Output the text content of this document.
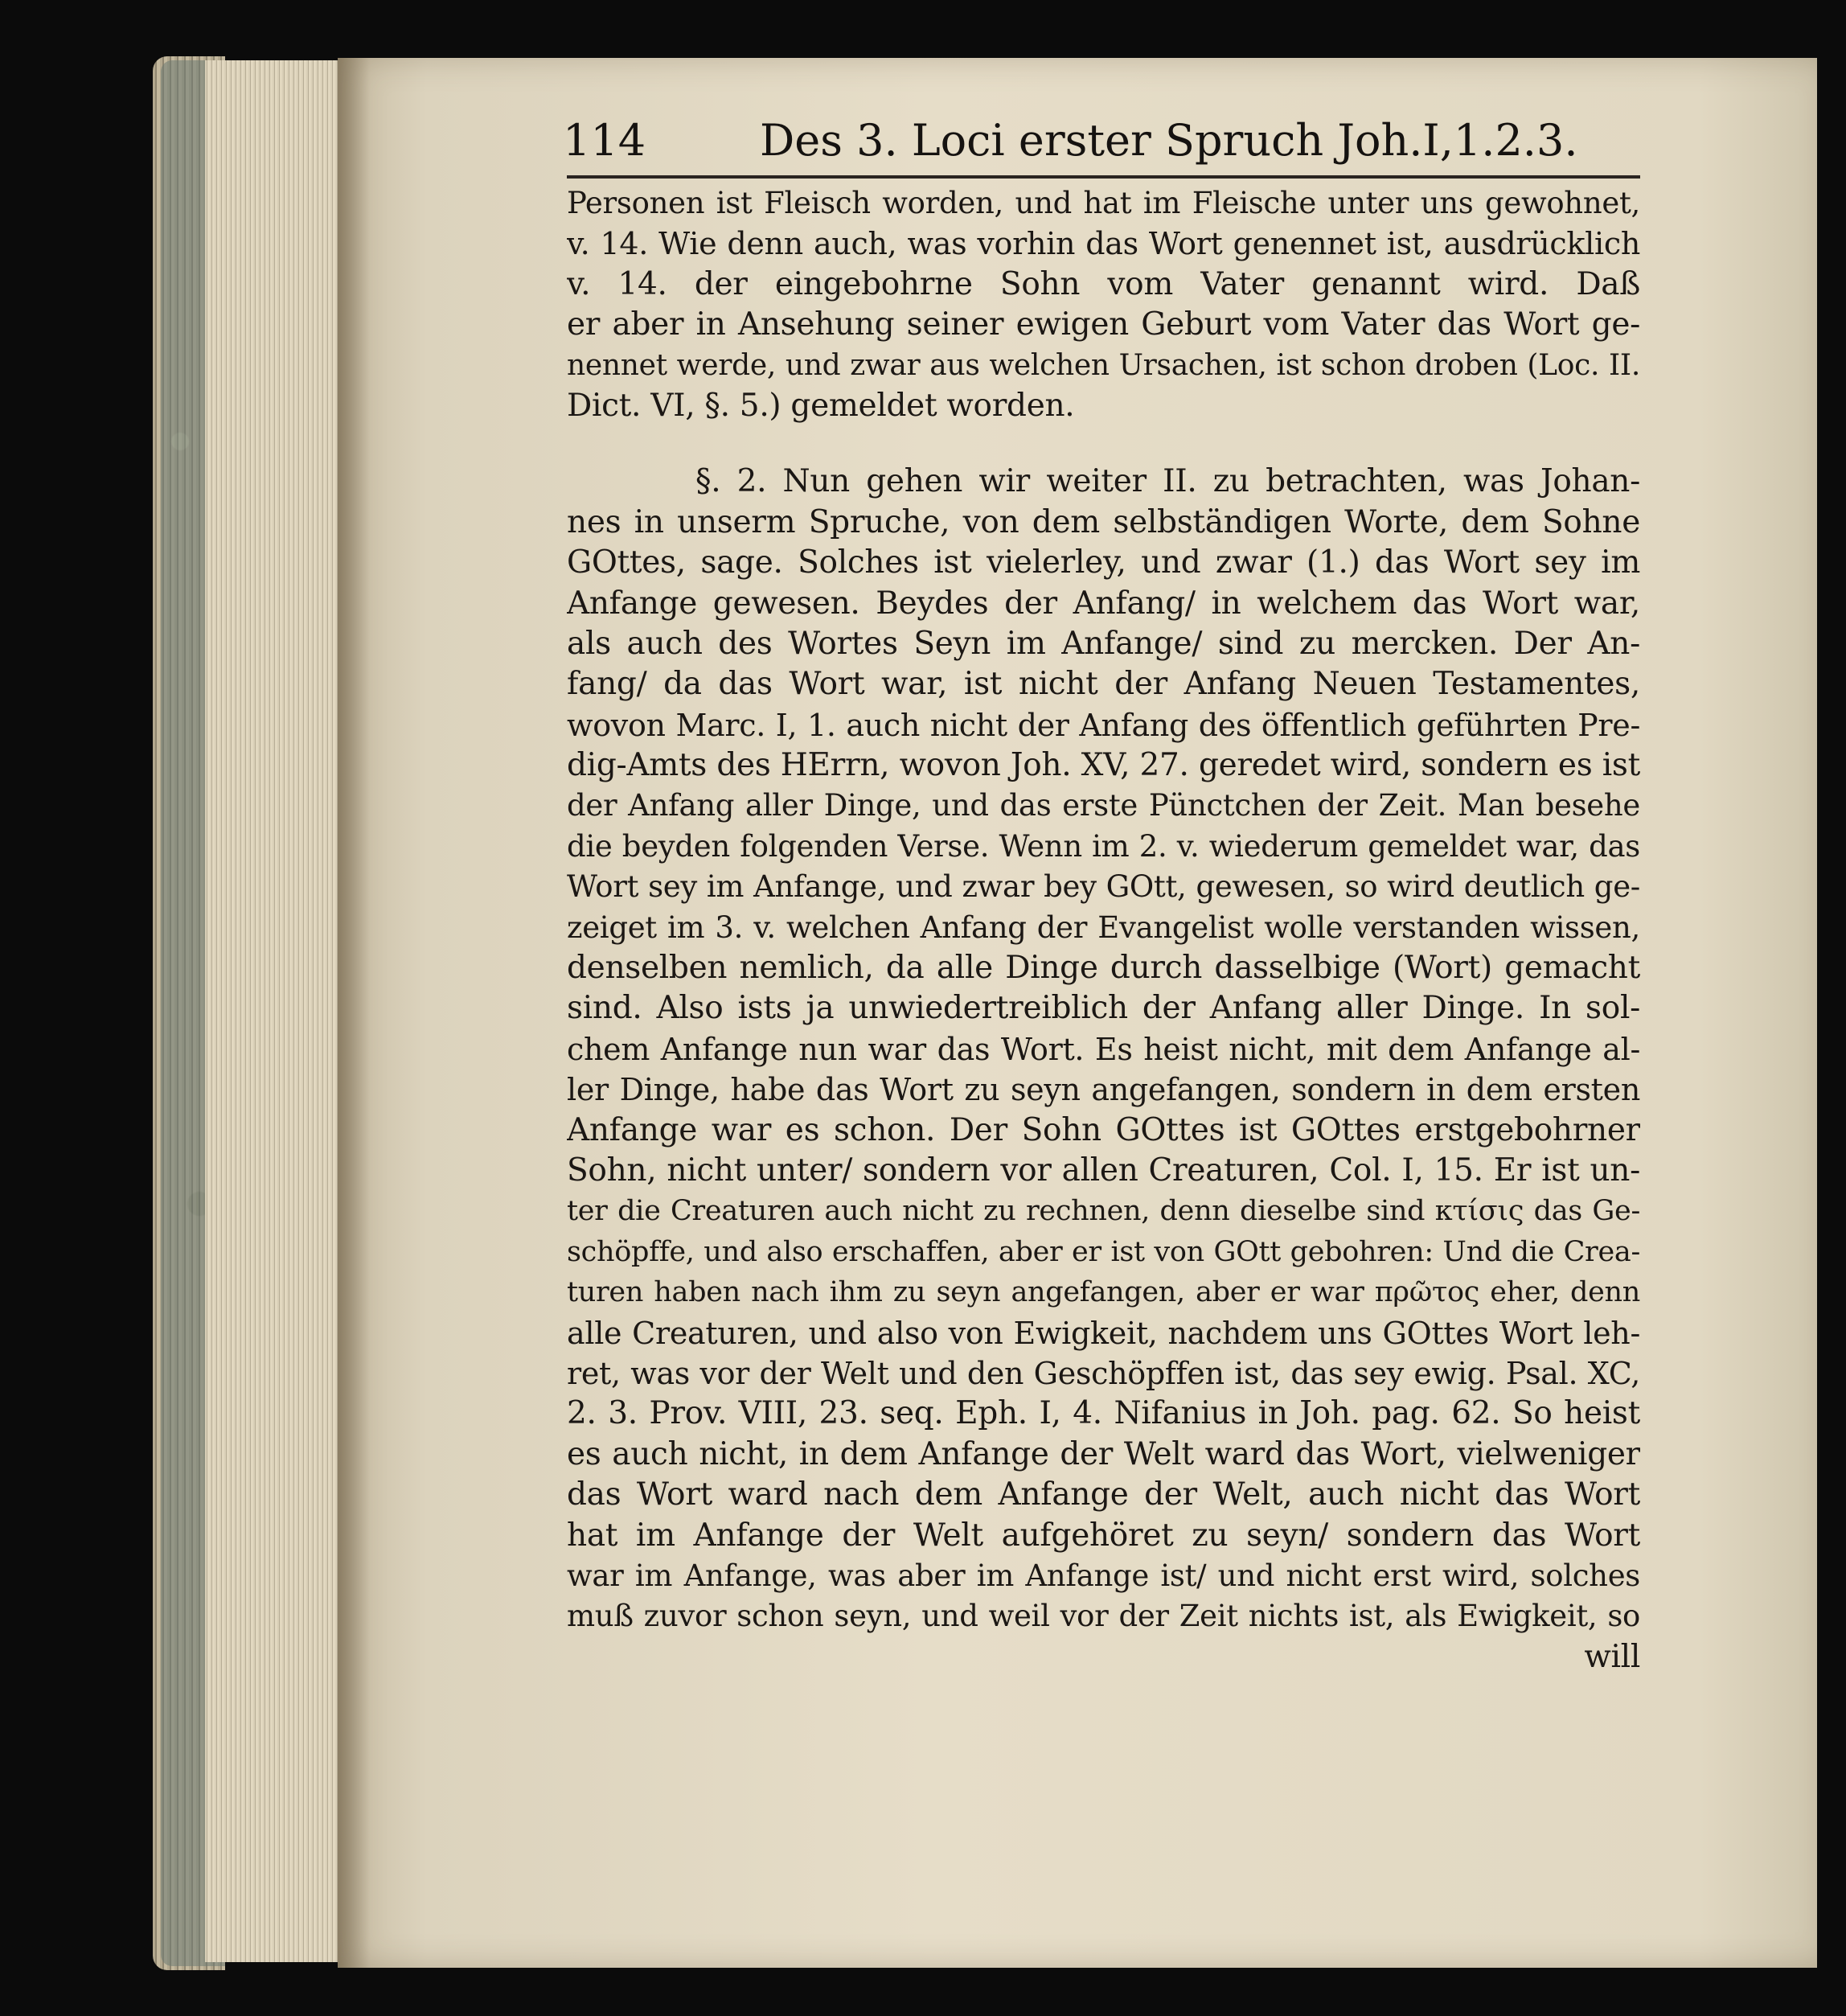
114	Des 3. Loci erster Spruch Joh.I,1.2.3.
Personen ist Fleisch worden, und hat im Fleische unter uns gewohnet,
v. 14. Wie denn auch, was vorhin das Wort genennet ist, ausdrücklich
v. 14. der eingebohrne Sohn vom Vater genannt wird. Daß
er aber in Ansehung seiner ewigen Geburt vom Vater das Wort ge-
nennet werde, und zwar aus welchen Ursachen, ist schon droben (Loc. II.
Dict. VI, §. 5.) gemeldet worden.
§. 2. Nun gehen wir weiter II. zu betrachten, was Johan-
nes in unserm Spruche, von dem selbständigen Worte, dem Sohne
GOttes, sage. Solches ist vielerley, und zwar (1.) das Wort sey im
Anfange gewesen. Beydes der Anfang/ in welchem das Wort war,
als auch des Wortes Seyn im Anfange/ sind zu mercken. Der An-
fang/ da das Wort war, ist nicht der Anfang Neuen Testamentes,
wovon Marc. I, 1. auch nicht der Anfang des öffentlich geführten Pre-
dig-Amts des HErrn, wovon Joh. XV, 27. geredet wird, sondern es ist
der Anfang aller Dinge, und das erste Pünctchen der Zeit. Man besehe
die beyden folgenden Verse. Wenn im 2. v. wiederum gemeldet war, das
Wort sey im Anfange, und zwar bey GOtt, gewesen, so wird deutlich ge-
zeiget im 3. v. welchen Anfang der Evangelist wolle verstanden wissen,
denselben nemlich, da alle Dinge durch dasselbige (Wort) gemacht
sind. Also ists ja unwiedertreiblich der Anfang aller Dinge. In sol-
chem Anfange nun war das Wort. Es heist nicht, mit dem Anfange al-
ler Dinge, habe das Wort zu seyn angefangen, sondern in dem ersten
Anfange war es schon. Der Sohn GOttes ist GOttes erstgebohrner
Sohn, nicht unter/ sondern vor allen Creaturen, Col. I, 15. Er ist un-
ter die Creaturen auch nicht zu rechnen, denn dieselbe sind κτίσις das Ge-
schöpffe, und also erschaffen, aber er ist von GOtt gebohren: Und die Crea-
turen haben nach ihm zu seyn angefangen, aber er war πρῶτος eher, denn
alle Creaturen, und also von Ewigkeit, nachdem uns GOttes Wort leh-
ret, was vor der Welt und den Geschöpffen ist, das sey ewig. Psal. XC,
2. 3. Prov. VIII, 23. seq. Eph. I, 4. Nifanius in Joh. pag. 62. So heist
es auch nicht, in dem Anfange der Welt ward das Wort, vielweniger
das Wort ward nach dem Anfange der Welt, auch nicht das Wort
hat im Anfange der Welt aufgehöret zu seyn/ sondern das Wort
war im Anfange, was aber im Anfange ist/ und nicht erst wird, solches
muß zuvor schon seyn, und weil vor der Zeit nichts ist, als Ewigkeit, so
will
